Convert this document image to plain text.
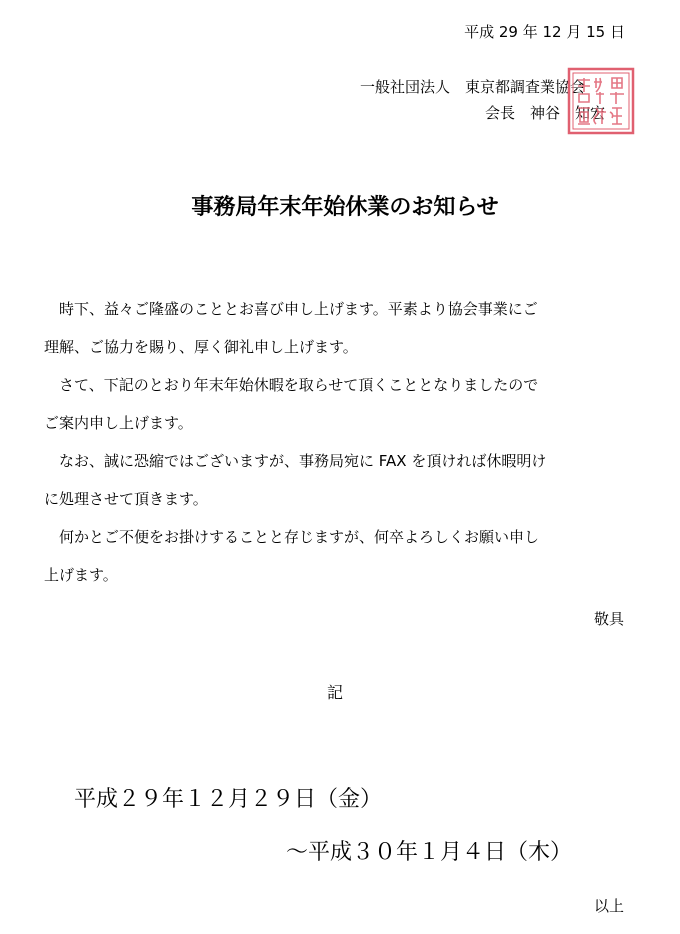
平成 29 年 12 月 15 日
一般社団法人　東京都調査業協会
会長　神谷　知宏
事務局年末年始休業のお知らせ
　時下、益々ご隆盛のこととお喜び申し上げます。平素より協会事業にご
理解、ご協力を賜り、厚く御礼申し上げます。
　さて、下記のとおり年末年始休暇を取らせて頂くこととなりましたので
ご案内申し上げます。
　なお、誠に恐縮ではございますが、事務局宛に FAX を頂ければ休暇明け
に処理させて頂きます。
　何かとご不便をお掛けすることと存じますが、何卒よろしくお願い申し
上げます。
敬具
記
平成２９年１２月２９日（金）
～平成３０年１月４日（木）
以上
